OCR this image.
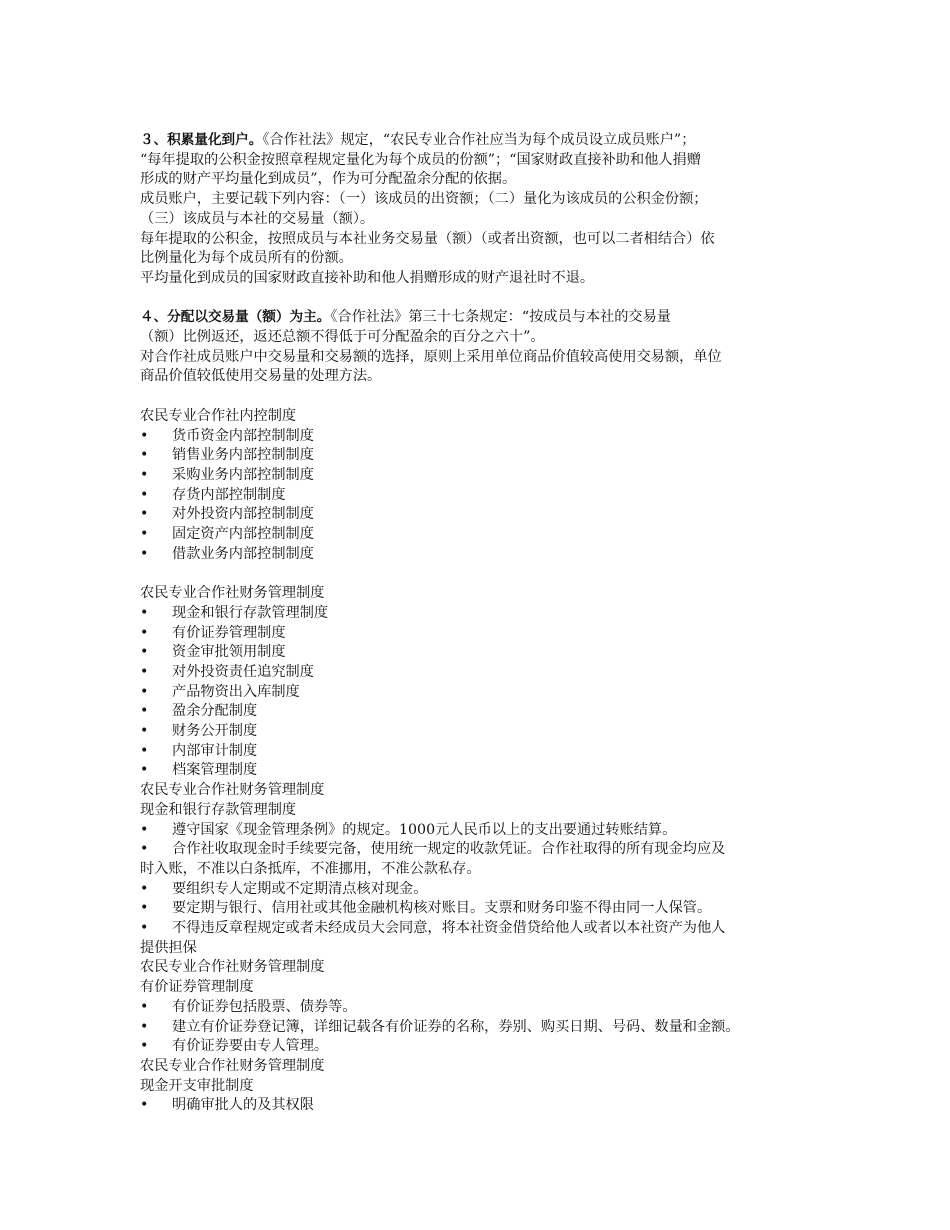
３、积累量化到户。《合作社法》规定，“农民专业合作社应当为每个成员设立成员账户”；
“每年提取的公积金按照章程规定量化为每个成员的份额”；“国家财政直接补助和他人捐赠
形成的财产平均量化到成员”，作为可分配盈余分配的依据。
成员账户，主要记载下列内容：（一）该成员的出资额；（二）量化为该成员的公积金份额；
（三）该成员与本社的交易量（额）。
每年提取的公积金，按照成员与本社业务交易量（额）（或者出资额，也可以二者相结合）依
比例量化为每个成员所有的份额。
平均量化到成员的国家财政直接补助和他人捐赠形成的财产退社时不退。
４、分配以交易量（额）为主。《合作社法》第三十七条规定：“按成员与本社的交易量
（额）比例返还，返还总额不得低于可分配盈余的百分之六十”。
对合作社成员账户中交易量和交易额的选择，原则上采用单位商品价值较高使用交易额，单位
商品价值较低使用交易量的处理方法。
农民专业合作社内控制度
•	货币资金内部控制制度
•	销售业务内部控制制度
•	采购业务内部控制制度
•	存货内部控制制度
•	对外投资内部控制制度
•	固定资产内部控制制度
•	借款业务内部控制制度
农民专业合作社财务管理制度
•	现金和银行存款管理制度
•	有价证券管理制度
•	资金审批领用制度
•	对外投资责任追究制度
•	产品物资出入库制度
•	盈余分配制度
•	财务公开制度
•	内部审计制度
•	档案管理制度
农民专业合作社财务管理制度
现金和银行存款管理制度
•	遵守国家《现金管理条例》的规定。1000元人民币以上的支出要通过转账结算。
•	合作社收取现金时手续要完备，使用统一规定的收款凭证。合作社取得的所有现金均应及
时入账，不准以白条抵库，不准挪用，不准公款私存。
•	要组织专人定期或不定期清点核对现金。
•	要定期与银行、信用社或其他金融机构核对账目。支票和财务印鉴不得由同一人保管。
•	不得违反章程规定或者未经成员大会同意，将本社资金借贷给他人或者以本社资产为他人
提供担保
农民专业合作社财务管理制度
有价证券管理制度
•	有价证券包括股票、债券等。
•	建立有价证券登记簿，详细记载各有价证券的名称，券别、购买日期、号码、数量和金额。
•	有价证券要由专人管理。
农民专业合作社财务管理制度
现金开支审批制度
•	明确审批人的及其权限
